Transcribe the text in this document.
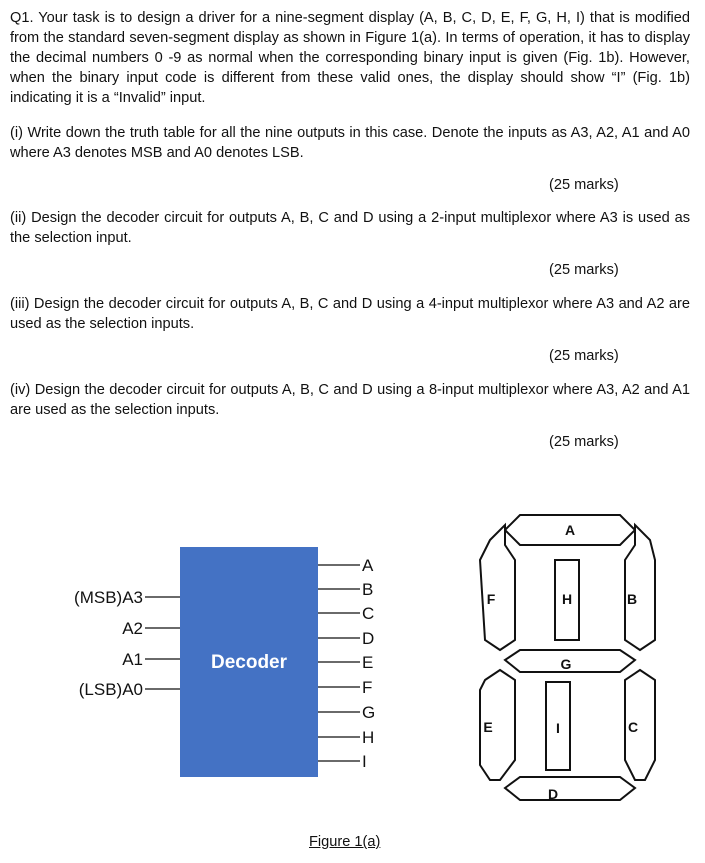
Q1. Your task is to design a driver for a nine-segment display (A, B, C, D, E, F, G, H, I) that is modified from the standard seven-segment display as shown in Figure 1(a). In terms of operation, it has to display the decimal numbers 0 -9 as normal when the corresponding binary input is given (Fig. 1b). However, when the binary input code is different from these valid ones, the display should show “I” (Fig. 1b) indicating it is a “Invalid” input.

(i) Write down the truth table for all the nine outputs in this case. Denote the inputs as A3, A2, A1 and A0 where A3 denotes MSB and A0 denotes LSB.

(25 marks)

(ii) Design the decoder circuit for outputs A, B, C and D using a 2-input multiplexor where A3 is used as the selection input.

(25 marks)

(iii) Design the decoder circuit for outputs A, B, C and D using a 4-input multiplexor where A3 and A2 are used as the selection inputs.

(25 marks)

(iv) Design the decoder circuit for outputs A, B, C and D using a 8-input multiplexor where A3, A2 and A1 are used as the selection inputs.

(25 marks)
Decoder
(MSB)A3
A2
A1
(LSB)A0
A
B
C
D
E
F
G
H
I
A
B
C
D
E
F
G
H
I
Figure 1(a)
